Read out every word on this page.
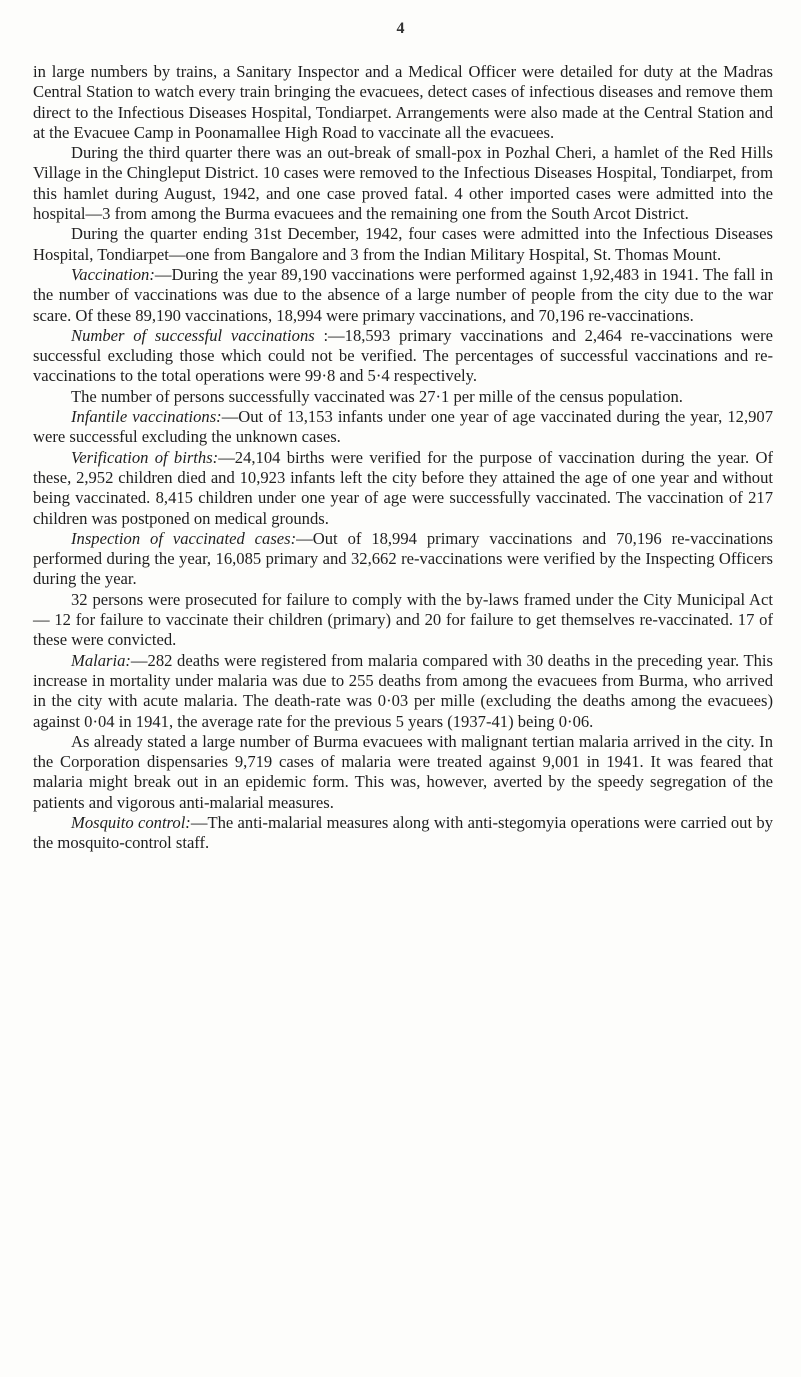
4

in large numbers by trains, a Sanitary Inspector and a Medical Officer were detailed for duty at the Madras Central Station to watch every train bringing the evacuees, detect cases of infectious diseases and remove them direct to the Infectious Diseases Hospital, Tondiarpet. Arrangements were also made at the Central Station and at the Evacuee Camp in Poonamallee High Road to vaccinate all the evacuees.

During the third quarter there was an out-break of small-pox in Pozhal Cheri, a hamlet of the Red Hills Village in the Chingleput District. 10 cases were removed to the Infectious Diseases Hospital, Tondiarpet, from this hamlet during August, 1942, and one case proved fatal. 4 other imported cases were admitted into the hospital—3 from among the Burma evacuees and the remaining one from the South Arcot District.

During the quarter ending 31st December, 1942, four cases were admitted into the Infectious Diseases Hospital, Tondiarpet—one from Bangalore and 3 from the Indian Military Hospital, St. Thomas Mount.

Vaccination:—During the year 89,190 vaccinations were performed against 1,92,483 in 1941. The fall in the number of vaccinations was due to the absence of a large number of people from the city due to the war scare. Of these 89,190 vaccinations, 18,994 were primary vaccinations, and 70,196 re-vaccinations.

Number of successful vaccinations :—18,593 primary vaccinations and 2,464 re-vaccinations were successful excluding those which could not be verified. The percentages of successful vaccinations and re-vaccinations to the total operations were 99·8 and 5·4 respectively.

The number of persons successfully vaccinated was 27·1 per mille of the census population.

Infantile vaccinations:—Out of 13,153 infants under one year of age vaccinated during the year, 12,907 were successful excluding the unknown cases.

Verification of births:—24,104 births were verified for the purpose of vaccination during the year. Of these, 2,952 children died and 10,923 infants left the city before they attained the age of one year and without being vaccinated. 8,415 children under one year of age were successfully vaccinated. The vaccination of 217 children was postponed on medical grounds.

Inspection of vaccinated cases:—Out of 18,994 primary vaccinations and 70,196 re-vaccinations performed during the year, 16,085 primary and 32,662 re-vaccinations were verified by the Inspecting Officers during the year.

32 persons were prosecuted for failure to comply with the by-laws framed under the City Municipal Act — 12 for failure to vaccinate their children (primary) and 20 for failure to get themselves re-vaccinated. 17 of these were convicted.

Malaria:—282 deaths were registered from malaria compared with 30 deaths in the preceding year. This increase in mortality under malaria was due to 255 deaths from among the evacuees from Burma, who arrived in the city with acute malaria. The death-rate was 0·03 per mille (excluding the deaths among the evacuees) against 0·04 in 1941, the average rate for the previous 5 years (1937-41) being 0·06.

As already stated a large number of Burma evacuees with malignant tertian malaria arrived in the city. In the Corporation dispensaries 9,719 cases of malaria were treated against 9,001 in 1941. It was feared that malaria might break out in an epidemic form. This was, however, averted by the speedy segregation of the patients and vigorous anti-malarial measures.

Mosquito control:—The anti-malarial measures along with anti-stegomyia operations were carried out by the mosquito-control staff.
